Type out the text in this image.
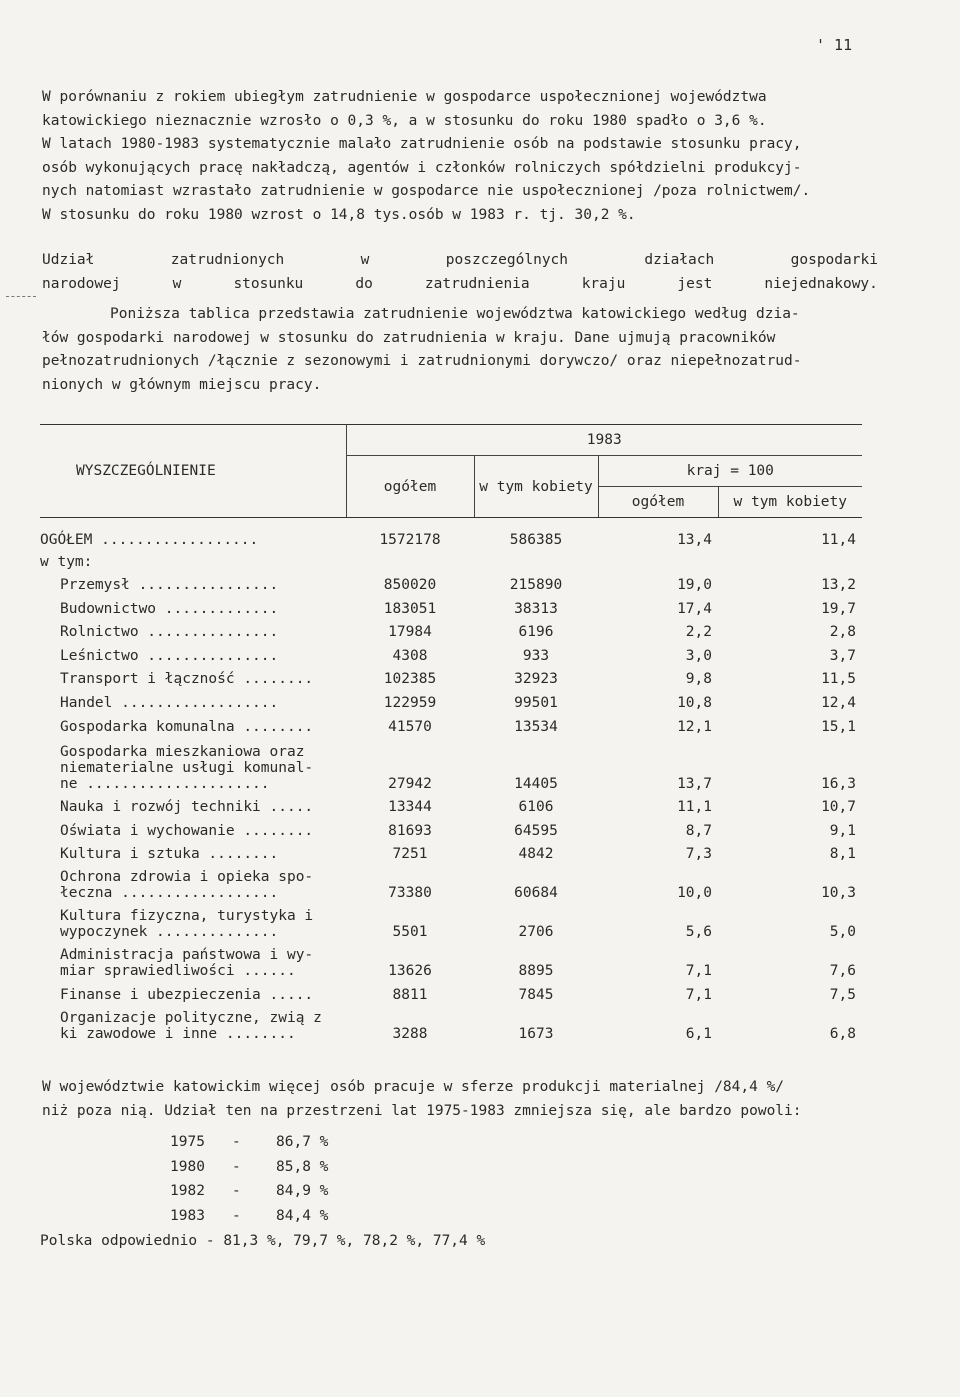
' 11
W porównaniu z rokiem ubiegłym zatrudnienie w gospodarce uspołecznionej województwa
katowickiego nieznacznie wzrosło o 0,3 %, a w stosunku do roku 1980 spadło o 3,6 %.
W latach 1980-1983 systematycznie malało zatrudnienie osób na podstawie stosunku pracy,
osób wykonujących pracę nakładczą, agentów i członków rolniczych spółdzielni produkcyj-
nych natomiast wzrastało zatrudnienie w gospodarce nie uspołecznionej /poza rolnictwem/.
W stosunku do roku 1980 wzrost o 14,8 tys.osób w 1983 r. tj. 30,2 %.
Udział	zatrudnionych	w	poszczególnych	działach	gospodarki
narodowej	w	stosunku	do	zatrudnienia	kraju	jest	niejednakowy.
Poniższa tablica przedstawia zatrudnienie województwa katowickiego według dzia-
łów gospodarki narodowej w stosunku do zatrudnienia w kraju. Dane ujmują pracowników
pełnozatrudnionych /łącznie z sezonowymi i zatrudnionymi dorywczo/ oraz niepełnozatrud-
nionych w głównym miejscu pracy.
WYSZCZEGÓLNIENIE	1983			
	ogółem	w tym kobiety	kraj = 100	
			ogółem	w tym kobiety

OGÓŁEM ..................	1572178	586385	13,4	11,4
w tym:				
Przemysł ................	850020	215890	19,0	13,2
Budownictwo .............	183051	38313	17,4	19,7
Rolnictwo ...............	17984	6196	2,2	2,8
Leśnictwo ...............	4308	933	3,0	3,7
Transport i łączność ........	102385	32923	9,8	11,5
Handel ..................	122959	99501	10,8	12,4
Gospodarka komunalna ........	41570	13534	12,1	15,1
Gospodarka mieszkaniowa oraz
niematerialne usługi komunal-
ne .....................	27942	14405	13,7	16,3
Nauka i rozwój techniki .....	13344	6106	11,1	10,7
Oświata i wychowanie ........	81693	64595	8,7	9,1
Kultura i sztuka ........	7251	4842	7,3	8,1
Ochrona zdrowia i opieka spo-
łeczna ..................	73380	60684	10,0	10,3
Kultura fizyczna, turystyka i
wypoczynek ..............	5501	2706	5,6	5,0
Administracja państwowa i wy-
miar sprawiedliwości ......	13626	8895	7,1	7,6
Finanse i ubezpieczenia .....	8811	7845	7,1	7,5
Organizacje polityczne, zwią z
ki zawodowe i inne ........	3288	1673	6,1	6,8
W województwie katowickim więcej osób pracuje w sferze produkcji materialnej /84,4 %/
niż poza nią. Udział ten na przestrzeni lat 1975-1983 zmniejsza się, ale bardzo powoli:
1975	-	86,7 %
1980	-	85,8 %
1982	-	84,9 %
1983	-	84,4 %
Polska odpowiednio - 81,3 %, 79,7 %, 78,2 %, 77,4 %
